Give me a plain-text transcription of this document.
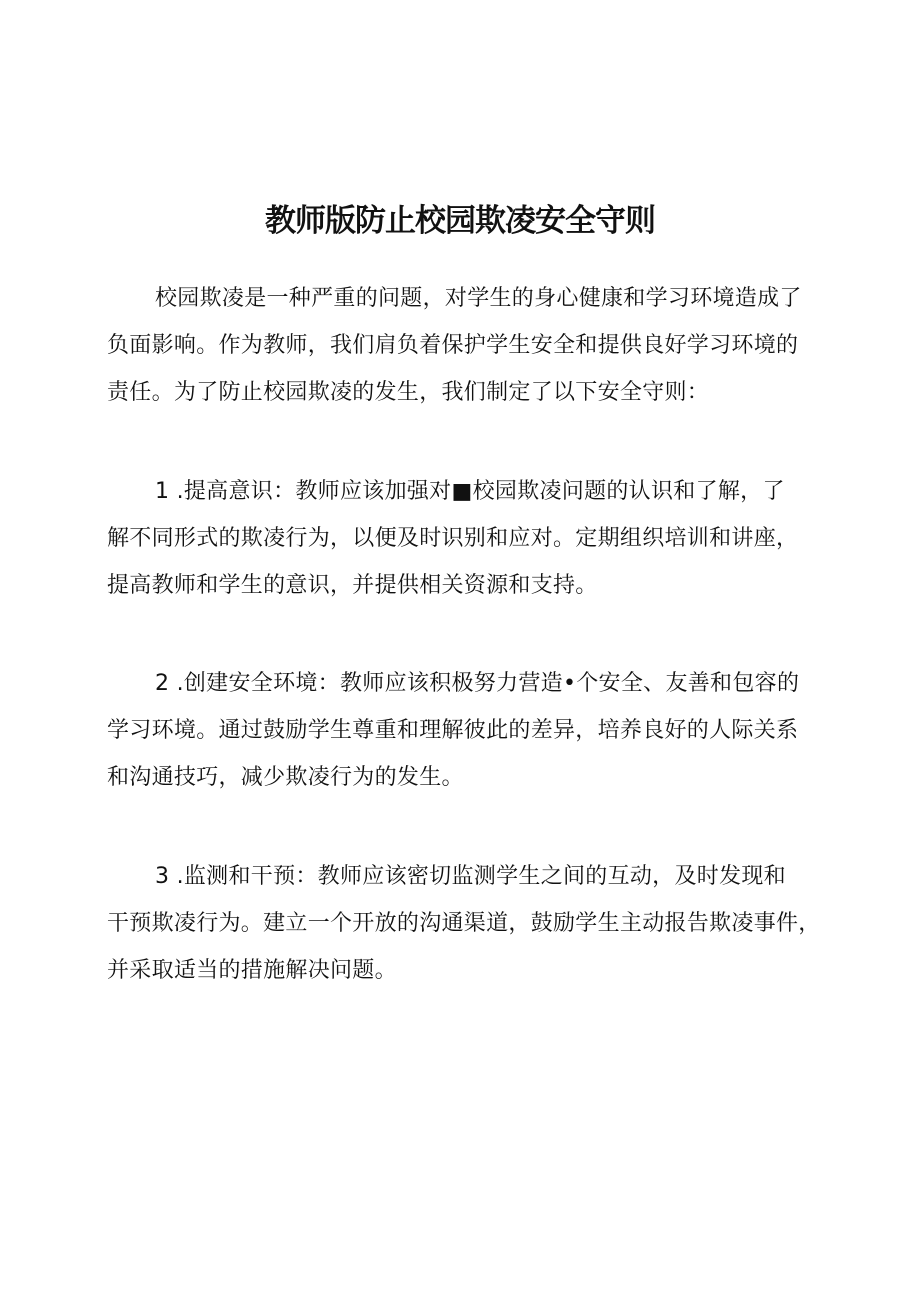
教师版防止校园欺凌安全守则

校园欺凌是一种严重的问题，对学生的身心健康和学习环境造成了
负面影响。作为教师，我们肩负着保护学生安全和提供良好学习环境的
责任。为了防止校园欺凌的发生，我们制定了以下安全守则：

1 .提高意识：教师应该加强对■校园欺凌问题的认识和了解，了
解不同形式的欺凌行为，以便及时识别和应对。定期组织培训和讲座，
提高教师和学生的意识，并提供相关资源和支持。

2 .创建安全环境：教师应该积极努力营造•个安全、友善和包容的
学习环境。通过鼓励学生尊重和理解彼此的差异，培养良好的人际关系
和沟通技巧，减少欺凌行为的发生。

3 .监测和干预：教师应该密切监测学生之间的互动，及时发现和
干预欺凌行为。建立一个开放的沟通渠道，鼓励学生主动报告欺凌事件，
并采取适当的措施解决问题。
